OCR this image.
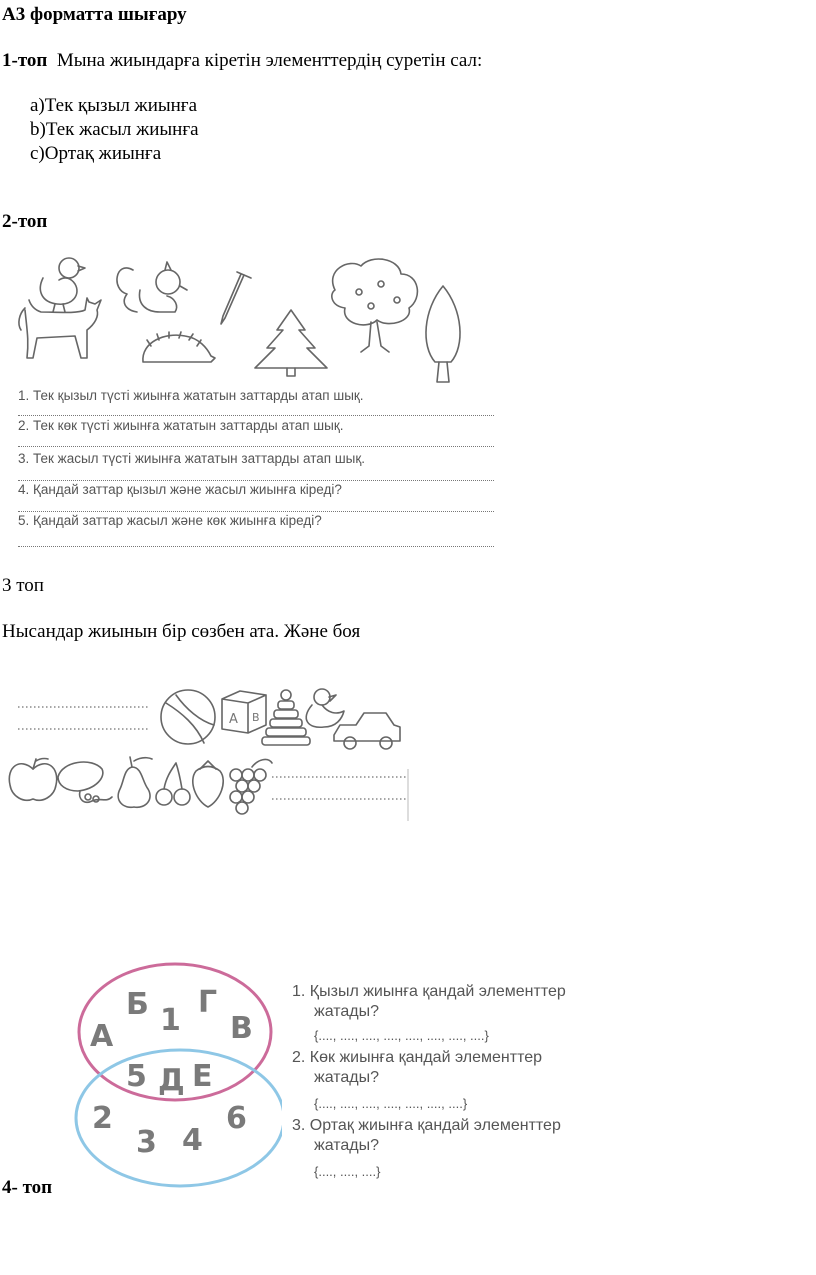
А3 форматта шығару
1-топ Мына жиындарға кіретін элементтердің суретін сал:
a)Тек қызыл жиынға
b)Тек жасыл жиынға
c)Ортақ жиынға
2-топ
1. Тек қызыл түсті жиынға жататын заттарды атап шық.
2. Тек көк түсті жиынға жататын заттарды атап шық.
3. Тек жасыл түсті жиынға жататын заттарды атап шық.
4. Қандай заттар қызыл және жасыл жиынға кіреді?
5. Қандай заттар жасыл және көк жиынға кіреді?
3 топ
Нысандар жиынын бір сөзбен ата. Және боя
A B
А
Б 1
Г
В
5 Д Е
2
3 4
6
1. Қызыл жиынға қандай элементтер
жатады?
{...., ...., ...., ...., ...., ...., ...., ....}
2. Көк жиынға қандай элементтер
жатады?
{...., ...., ...., ...., ...., ...., ....}
3. Ортақ жиынға қандай элементтер
жатады?
{...., ...., ....}
4- топ
